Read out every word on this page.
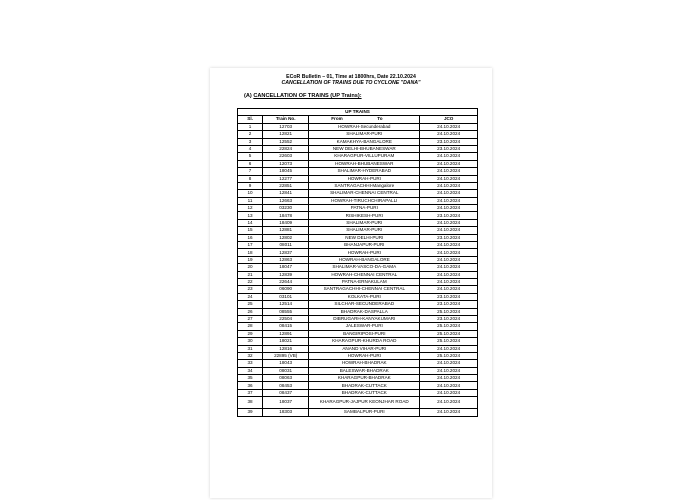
ECoR Bulletin – 01, Time at 1800hrs, Date 22.10.2024
CANCELLATION OF TRAINS DUE TO CYCLONE "DANA"
(A) CANCELLATION OF TRAINS (UP Trains):
UP TRAINS			
Sl.	Train No.	From To	JCO
1	12703	HOWRAH-Secunderabad	24.10.2024
2	12821	SHALIMAR-PURI	24.10.2024
3	12552	KAMAKHYA-BANGALORE	23.10.2024
4	22824	NEW DELHI-BHUBANESWAR	23.10.2024
5	22603	KHARAGPUR-VILLUPURAM	24.10.2024
6	12073	HOWRAH-BHUBANESWAR	24.10.2024
7	18045	SHALIMAR-HYDERABAD	24.10.2024
8	12277	HOWRAH-PURI	24.10.2024
9	22851	SANTRAGACHHI-Mangalore	24.10.2024
10	12841	SHALIMAR-CHENNAI CENTRAL	24.10.2024
11	12663	HOWRAH-TIRUCHCHIRAPALLI	24.10.2024
12	03230	PATNA-PURI	24.10.2024
13	18478	RISHIKESH-PURI	23.10.2024
14	18409	SHALIMAR-PURI	24.10.2024
15	12881	SHALIMAR-PURI	24.10.2024
16	12802	NEW DELHI-PURI	23.10.2024
17	08011	BHANJAPUR-PURI	24.10.2024
18	12837	HOWRAH-PURI	24.10.2024
19	12863	HOWRAH-BANGALORE	24.10.2024
20	18047	SHALIMAR-VASCO-DA-GAMA	24.10.2024
21	12839	HOWRAH-CHENNAI CENTRAL	24.10.2024
22	22644	PATNA-ERNAKULAM	24.10.2024
23	06090	SANTRAGACHHI-CHENNAI CENTRAL	24.10.2024
24	03101	KOLKATA-PURI	23.10.2024
25	12514	SILCHAR-SECUNDERABAD	23.10.2024
26	08555	BHADRAK-DASPALLA	25.10.2024
27	22504	DIBRUGARH-KANYAKUMARI	23.10.2024
28	08415	JALESWAR-PURI	25.10.2024
29	12891	BANGIRIPOSI-PURI	25.10.2024
30	18021	KHARAGPUR-KHURDA ROAD	25.10.2024
31	12816	ANAND VIHAR-PURI	24.10.2024
32	22895 (VB)	HOWRAH-PURI	25.10.2024
33	18043	HOWRAH-BHADRAK	24.10.2024
34	08031	BALESWAR-BHADRAK	24.10.2024
35	08063	KHARAGPUR-BHADRAK	24.10.2024
36	08453	BHADRAK-CUTTACK	24.10.2024
37	08437	BHADRAK-CUTTACK	24.10.2024
38	18037	KHARAGPUR-JAJPUR KEONJHAR ROAD	24.10.2024
39	18303	SAMBALPUR-PURI	24.10.2024
